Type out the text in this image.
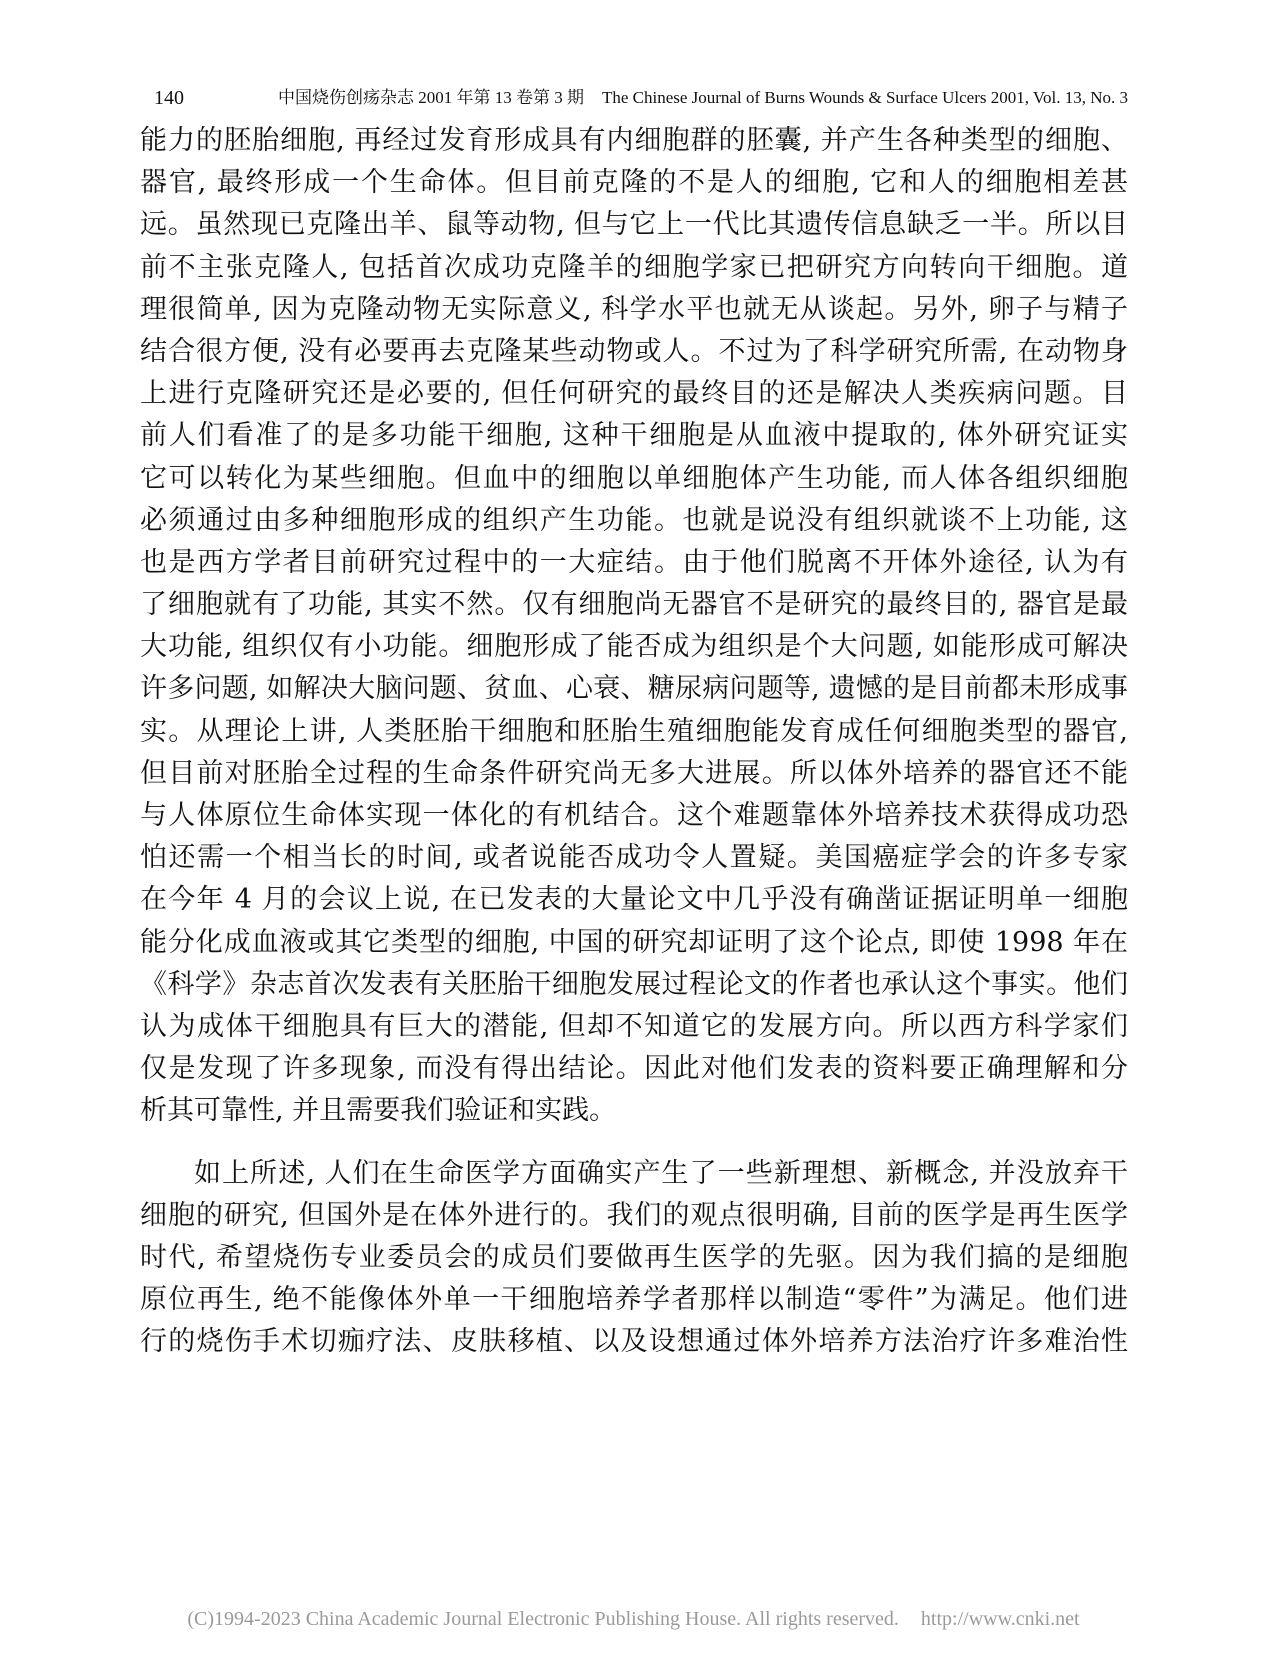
140	中国烧伤创疡杂志 2001 年第 13 卷第 3 期 The Chinese Journal of Burns Wounds & Surface Ulcers 2001, Vol. 13, No. 3
能力的胚胎细胞, 再经过发育形成具有内细胞群的胚囊, 并产生各种类型的细胞、
器官, 最终形成一个生命体。但目前克隆的不是人的细胞, 它和人的细胞相差甚
远。虽然现已克隆出羊、鼠等动物, 但与它上一代比其遗传信息缺乏一半。所以目
前不主张克隆人, 包括首次成功克隆羊的细胞学家已把研究方向转向干细胞。道
理很简单, 因为克隆动物无实际意义, 科学水平也就无从谈起。另外, 卵子与精子
结合很方便, 没有必要再去克隆某些动物或人。不过为了科学研究所需, 在动物身
上进行克隆研究还是必要的, 但任何研究的最终目的还是解决人类疾病问题。目
前人们看准了的是多功能干细胞, 这种干细胞是从血液中提取的, 体外研究证实
它可以转化为某些细胞。但血中的细胞以单细胞体产生功能, 而人体各组织细胞
必须通过由多种细胞形成的组织产生功能。也就是说没有组织就谈不上功能, 这
也是西方学者目前研究过程中的一大症结。由于他们脱离不开体外途径, 认为有
了细胞就有了功能, 其实不然。仅有细胞尚无器官不是研究的最终目的, 器官是最
大功能, 组织仅有小功能。细胞形成了能否成为组织是个大问题, 如能形成可解决
许多问题, 如解决大脑问题、贫血、心衰、糖尿病问题等, 遗憾的是目前都未形成事
实。从理论上讲, 人类胚胎干细胞和胚胎生殖细胞能发育成任何细胞类型的器官,
但目前对胚胎全过程的生命条件研究尚无多大进展。所以体外培养的器官还不能
与人体原位生命体实现一体化的有机结合。这个难题靠体外培养技术获得成功恐
怕还需一个相当长的时间, 或者说能否成功令人置疑。美国癌症学会的许多专家
在今年 4 月的会议上说, 在已发表的大量论文中几乎没有确凿证据证明单一细胞
能分化成血液或其它类型的细胞, 中国的研究却证明了这个论点, 即使 1998 年在
《科学》杂志首次发表有关胚胎干细胞发展过程论文的作者也承认这个事实。他们
认为成体干细胞具有巨大的潜能, 但却不知道它的发展方向。所以西方科学家们
仅是发现了许多现象, 而没有得出结论。因此对他们发表的资料要正确理解和分
析其可靠性, 并且需要我们验证和实践。
如上所述, 人们在生命医学方面确实产生了一些新理想、新概念, 并没放弃干
细胞的研究, 但国外是在体外进行的。我们的观点很明确, 目前的医学是再生医学
时代, 希望烧伤专业委员会的成员们要做再生医学的先驱。因为我们搞的是细胞
原位再生, 绝不能像体外单一干细胞培养学者那样以制造“零件”为满足。他们进
行的烧伤手术切痂疗法、皮肤移植、以及设想通过体外培养方法治疗许多难治性
(C)1994-2023 China Academic Journal Electronic Publishing House. All rights reserved. http://www.cnki.net
